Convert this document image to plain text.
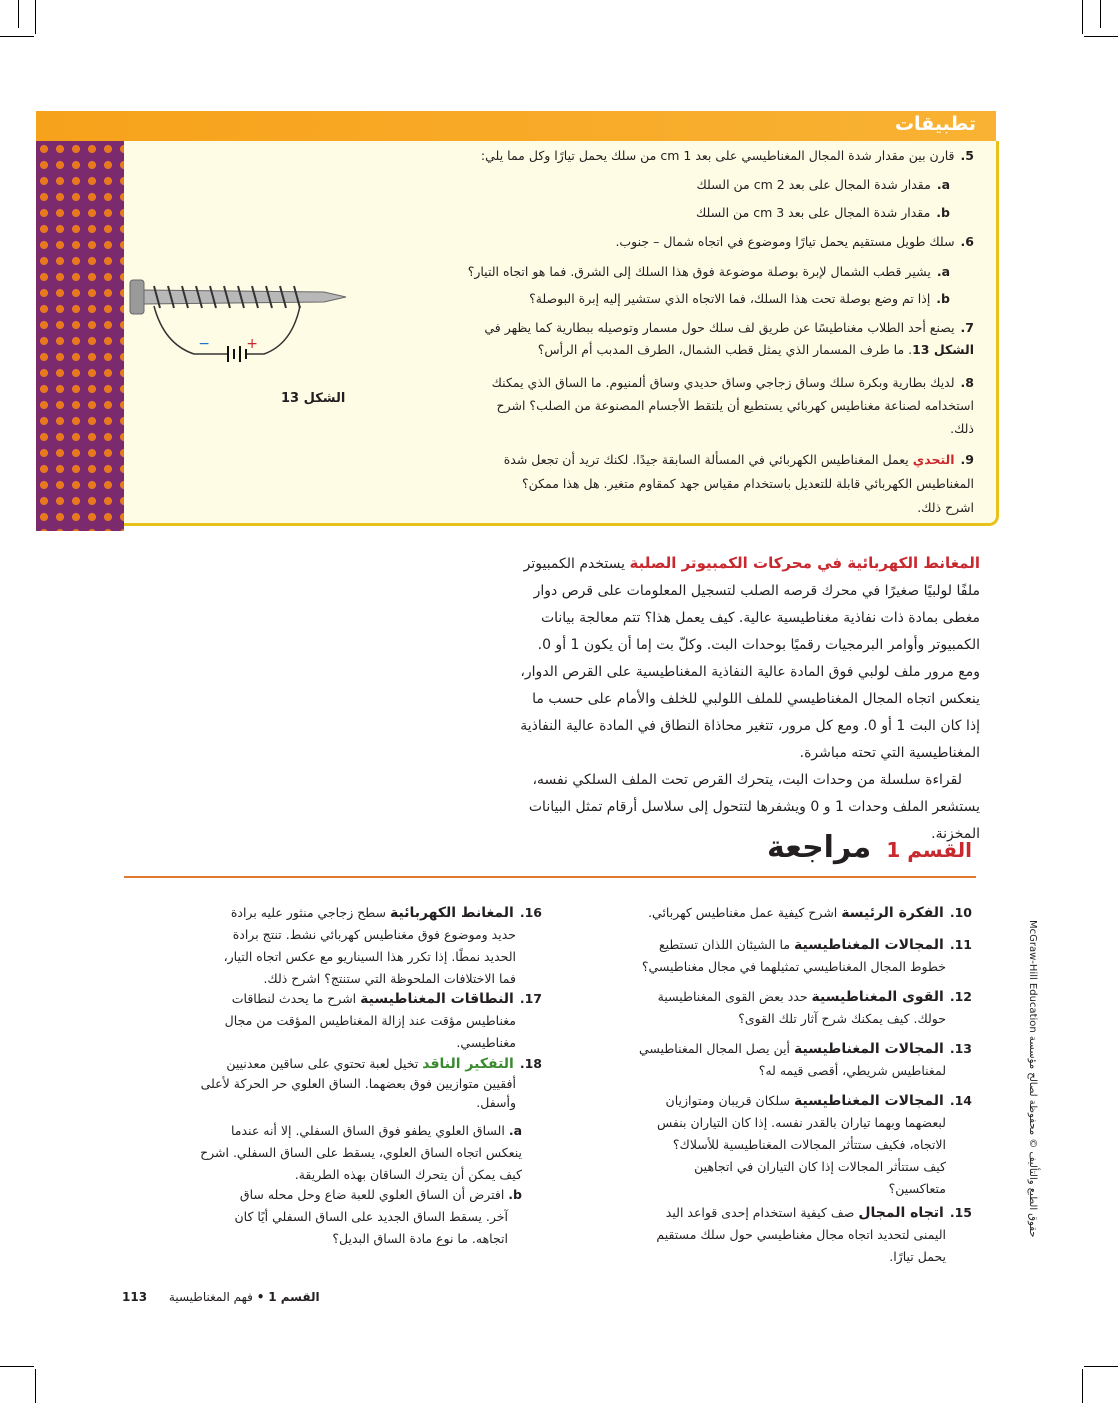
تطبيقات
5.قارن بين مقدار شدة المجال المغناطيسي على بعد 1 cm من سلك يحمل تيارًا وكل مما يلي:
a.مقدار شدة المجال على بعد 2 cm من السلك
b.مقدار شدة المجال على بعد 3 cm من السلك
6.سلك طويل مستقيم يحمل تيارًا وموضوع في اتجاه شمال – جنوب.
a.يشير قطب الشمال لإبرة بوصلة موضوعة فوق هذا السلك إلى الشرق. فما هو اتجاه التيار؟
b.إذا تم وضع بوصلة تحت هذا السلك، فما الاتجاه الذي ستشير إليه إبرة البوصلة؟
7.يصنع أحد الطلاب مغناطيسًا عن طريق لف سلك حول مسمار وتوصيله ببطارية كما يظهر في
الشكل 13. ما طرف المسمار الذي يمثل قطب الشمال، الطرف المدبب أم الرأس؟
8.لديك بطارية وبكرة سلك وساق زجاجي وساق حديدي وساق ألمنيوم. ما الساق الذي يمكنك
استخدامه لصناعة مغناطيس كهربائي يستطيع أن يلتقط الأجسام المصنوعة من الصلب؟ اشرح
ذلك.
9.التحدي يعمل المغناطيس الكهربائي في المسألة السابقة جيدًا. لكنك تريد أن تجعل شدة
المغناطيس الكهربائي قابلة للتعديل باستخدام مقياس جهد كمقاوم متغير. هل هذا ممكن؟
اشرح ذلك.
−	+
الشكل 13
المغانط الكهربائية في محركات الكمبيوتر الصلبة يستخدم الكمبيوتر
ملفًا لولبيًا صغيرًا في محرك قرصه الصلب لتسجيل المعلومات على قرص دوار
مغطى بمادة ذات نفاذية مغناطيسية عالية. كيف يعمل هذا؟ تتم معالجة بيانات
الكمبيوتر وأوامر البرمجيات رقميًا بوحدات البت. وكلّ بت إما أن يكون 1 أو 0.
ومع مرور ملف لولبي فوق المادة عالية النفاذية المغناطيسية على القرص الدوار،
ينعكس اتجاه المجال المغناطيسي للملف اللولبي للخلف والأمام على حسب ما
إذا كان البت 1 أو 0. ومع كل مرور، تتغير محاذاة النطاق في المادة عالية النفاذية
المغناطيسية التي تحته مباشرة.
لقراءة سلسلة من وحدات البت، يتحرك القرص تحت الملف السلكي نفسه،
يستشعر الملف وحدات 1 و 0 ويشفرها لتتحول إلى سلاسل أرقام تمثل البيانات
المخزنة.
القسم 1 مراجعة
10.الفكرة الرئيسة اشرح كيفية عمل مغناطيس كهربائي.
11.المجالات المغناطيسية ما الشيئان اللذان تستطيع
خطوط المجال المغناطيسي تمثيلهما في مجال مغناطيسي؟
12.القوى المغناطيسية حدد بعض القوى المغناطيسية
حولك. كيف يمكنك شرح آثار تلك القوى؟
13.المجالات المغناطيسية أين يصل المجال المغناطيسي
لمغناطيس شريطي، أقصى قيمه له؟
14.المجالات المغناطيسية سلكان قريبان ومتوازيان
لبعضهما وبهما تياران بالقدر نفسه. إذا كان التياران بنفس
الاتجاه، فكيف ستتأثر المجالات المغناطيسية للأسلاك؟
كيف ستتأثر المجالات إذا كان التياران في اتجاهين
متعاكسين؟
15.اتجاه المجال صف كيفية استخدام إحدى قواعد اليد
اليمنى لتحديد اتجاه مجال مغناطيسي حول سلك مستقيم
يحمل تيارًا.
16.المغانط الكهربائية سطح زجاجي منثور عليه برادة
حديد وموضوع فوق مغناطيس كهربائي نشط. تنتج برادة
الحديد نمطًا. إذا تكرر هذا السيناريو مع عكس اتجاه التيار،
فما الاختلافات الملحوظة التي ستنتج؟ اشرح ذلك.
17.النطاقات المغناطيسية اشرح ما يحدث لنطاقات
مغناطيس مؤقت عند إزالة المغناطيس المؤقت من مجال
مغناطيسي.
18.التفكير الناقد تخيل لعبة تحتوي على ساقين معدنيين
أفقيين متوازيين فوق بعضهما. الساق العلوي حر الحركة لأعلى
وأسفل.
a. الساق العلوي يطفو فوق الساق السفلي. إلا أنه عندما
ينعكس اتجاه الساق العلوي، يسقط على الساق السفلي. اشرح
كيف يمكن أن يتحرك الساقان بهذه الطريقة.
b. افترض أن الساق العلوي للعبة ضاع وحل محله ساق
آخر. يسقط الساق الجديد على الساق السفلي أيًا كان
اتجاهه. ما نوع مادة الساق البديل؟
حقوق الطبع والتأليف © محفوظة لصالح مؤسسة McGraw-Hill Education
113 فهم المغناطيسية • القسم 1
